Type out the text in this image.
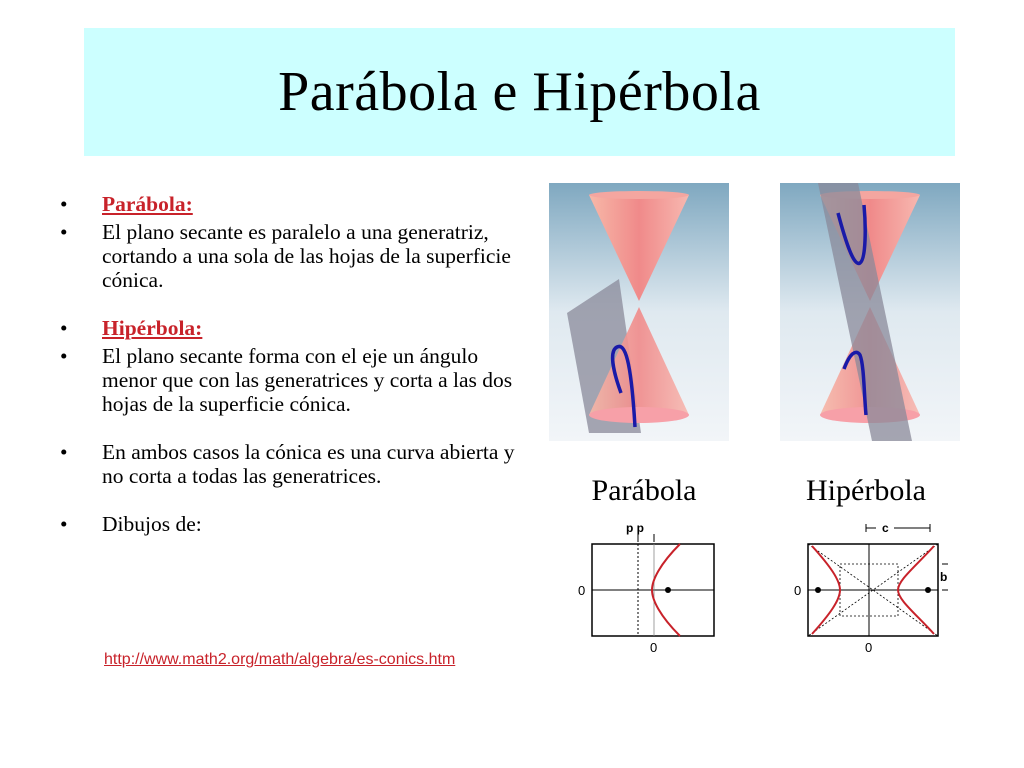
Parábola e Hipérbola
• Parábola:
• El plano secante es paralelo a una generatriz, cortando a una sola de las hojas de la superficie cónica.
• Hipérbola:
• El plano secante forma con el eje un ángulo menor que con las generatrices y corta a las dos hojas de la superficie cónica.
• En ambos casos la cónica es una curva abierta y no corta a todas las generatrices.
• Dibujos de:
http://www.math2.org/math/algebra/es-conics.htm
Parábola	Hipérbola
p p
0
0
c
b
0
0
